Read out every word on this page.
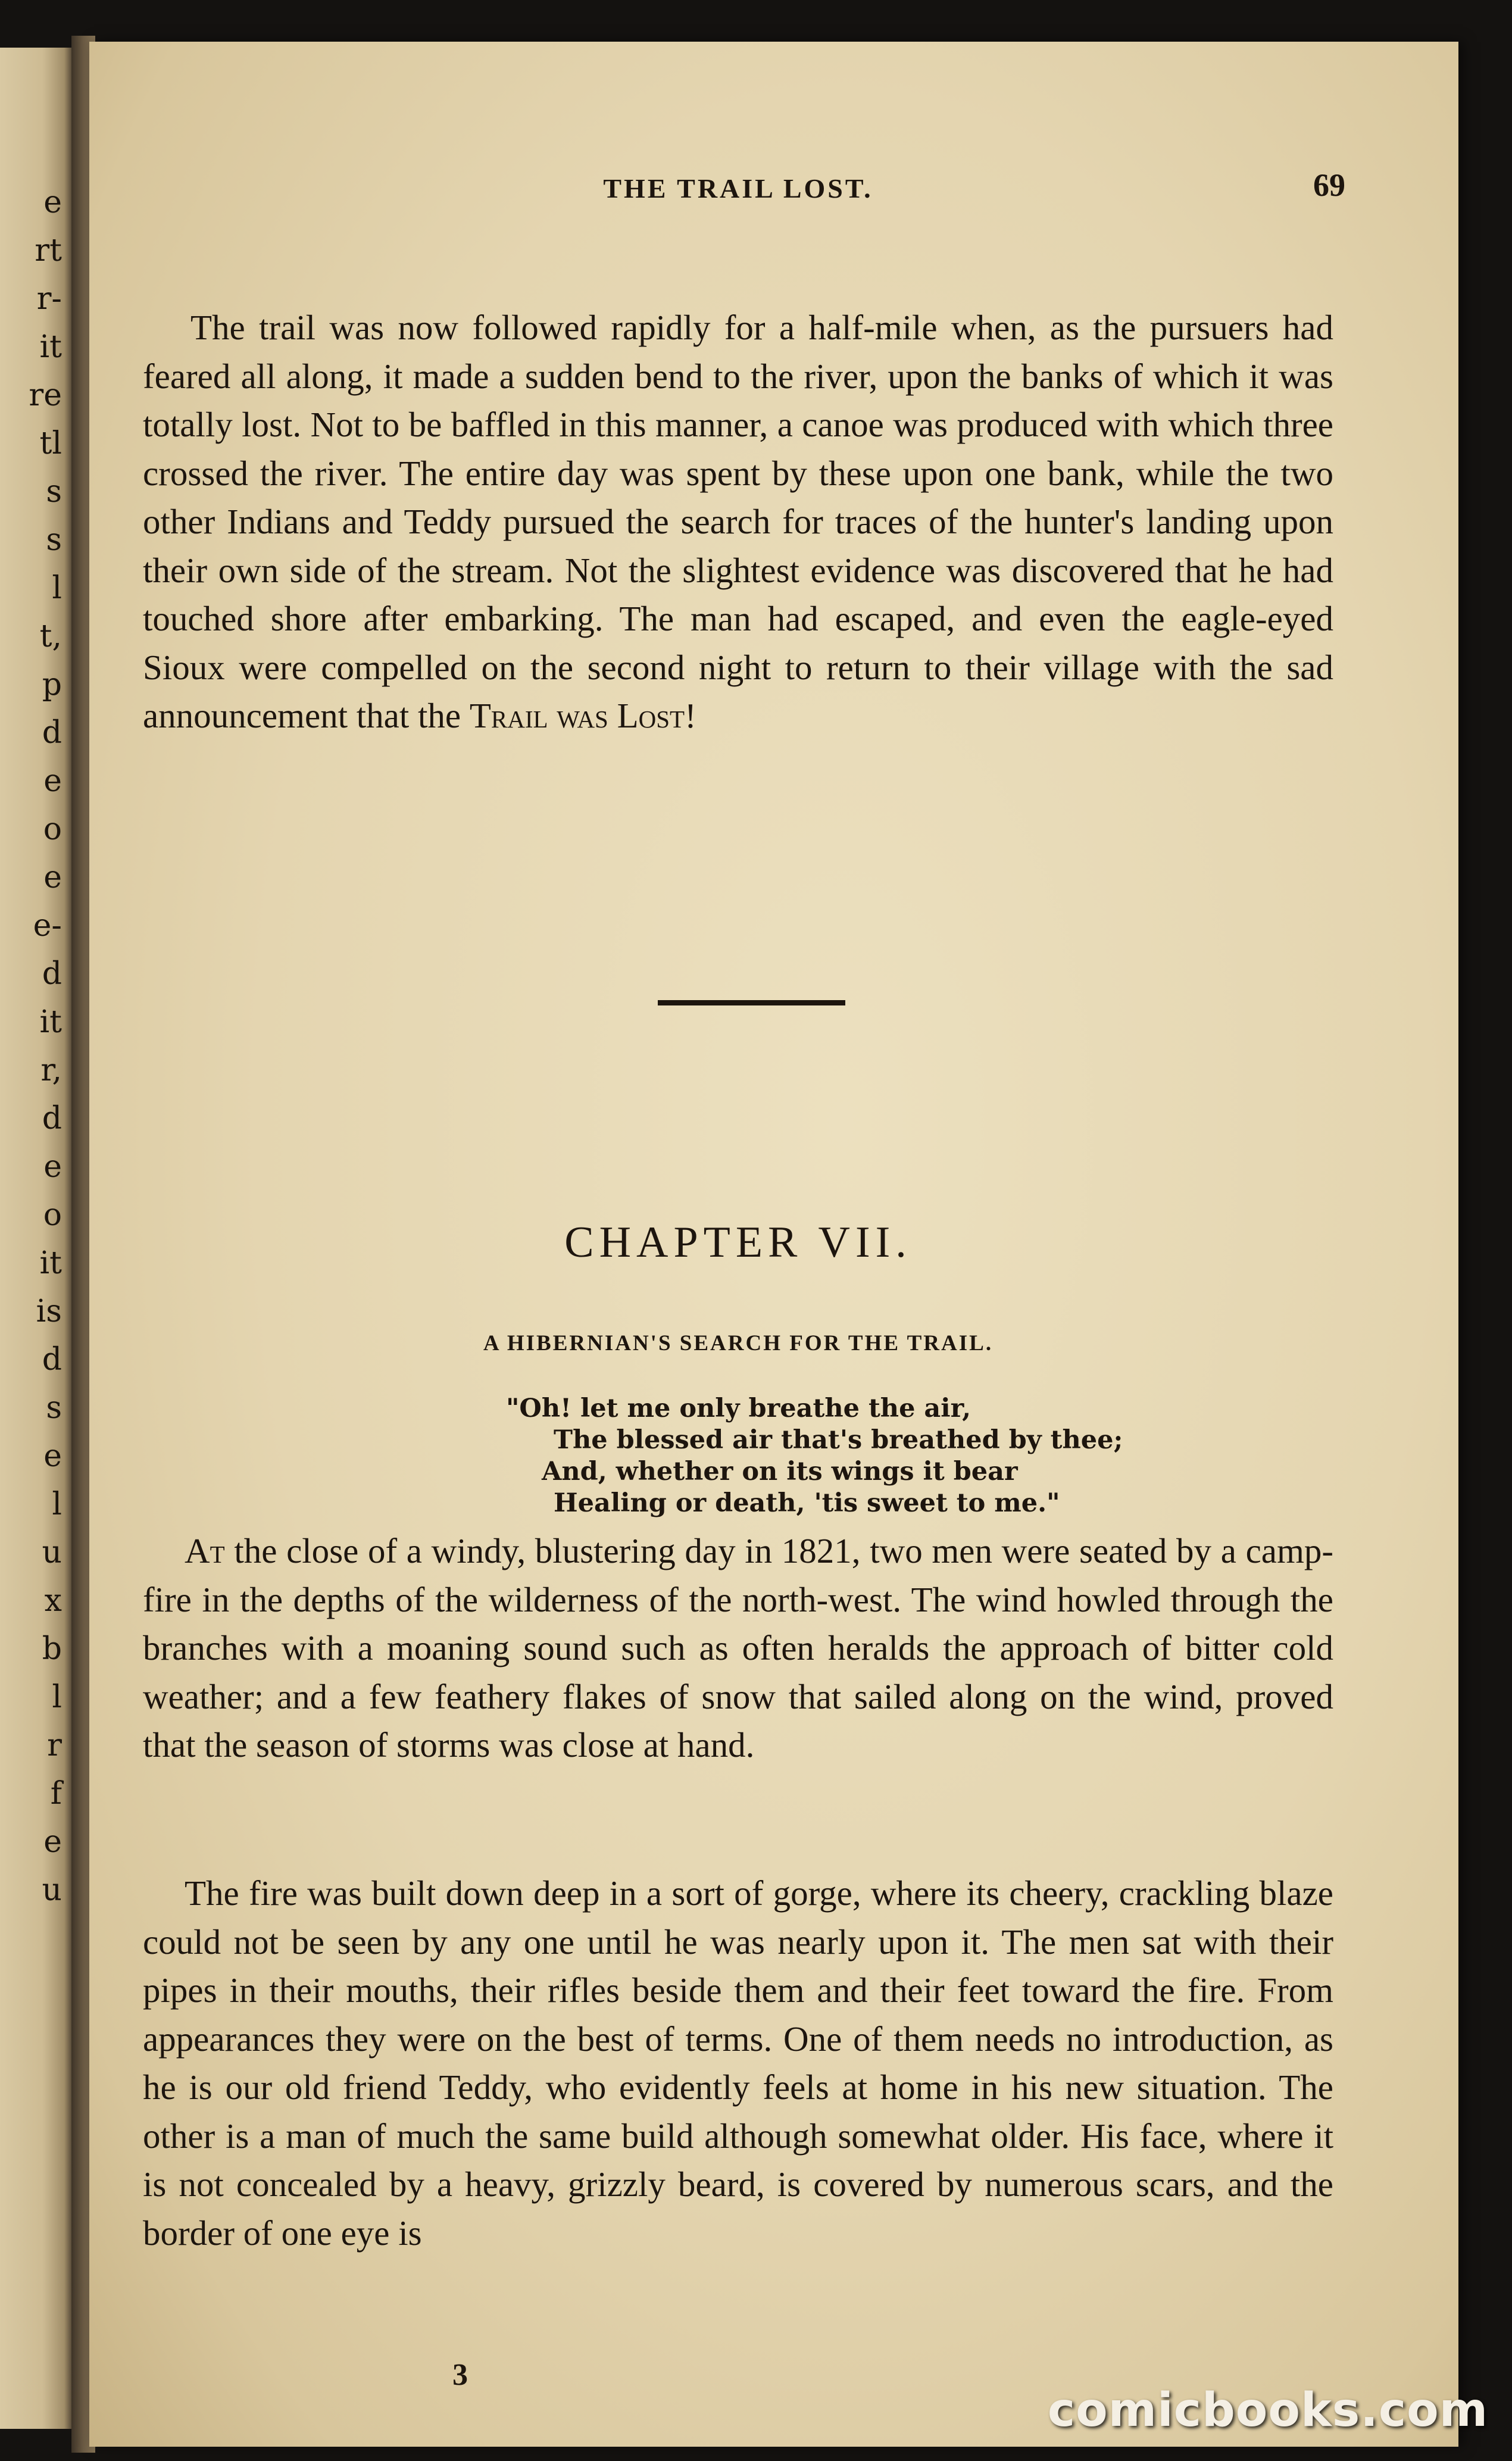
e
rt
r-
it
re
tl
s
s
l
t,
p
d
e
o
e
e-
d
it
r,
d
e
o
it
is
d
s
e
l
u
x
b
l
r
f
e
u
THE TRAIL LOST.	69

The trail was now followed rapidly for a half-mile when, as the pursuers had feared all along, it made a sudden bend to the river, upon the banks of which it was totally lost. Not to be baffled in this manner, a canoe was produced with which three crossed the river. The entire day was spent by these upon one bank, while the two other Indians and Teddy pursued the search for traces of the hunter's landing upon their own side of the stream. Not the slightest evidence was discovered that he had touched shore after embarking. The man had escaped, and even the eagle-eyed Sioux were compelled on the second night to return to their village with the sad announcement that the Trail was Lost!

CHAPTER VII.
A HIBERNIAN'S SEARCH FOR THE TRAIL.
"Oh! let me only breathe the air,
The blessed air that's breathed by thee;
And, whether on its wings it bear
Healing or death, 'tis sweet to me."

At the close of a windy, blustering day in 1821, two men were seated by a camp-fire in the depths of the wilderness of the north-west. The wind howled through the branches with a moaning sound such as often heralds the approach of bitter cold weather; and a few feathery flakes of snow that sailed along on the wind, proved that the season of storms was close at hand.

The fire was built down deep in a sort of gorge, where its cheery, crackling blaze could not be seen by any one until he was nearly upon it. The men sat with their pipes in their mouths, their rifles beside them and their feet toward the fire. From appearances they were on the best of terms. One of them needs no introduction, as he is our old friend Teddy, who evidently feels at home in his new situation. The other is a man of much the same build although somewhat older. His face, where it is not concealed by a heavy, grizzly beard, is covered by numerous scars, and the border of one eye is

3
comicbooks.com
